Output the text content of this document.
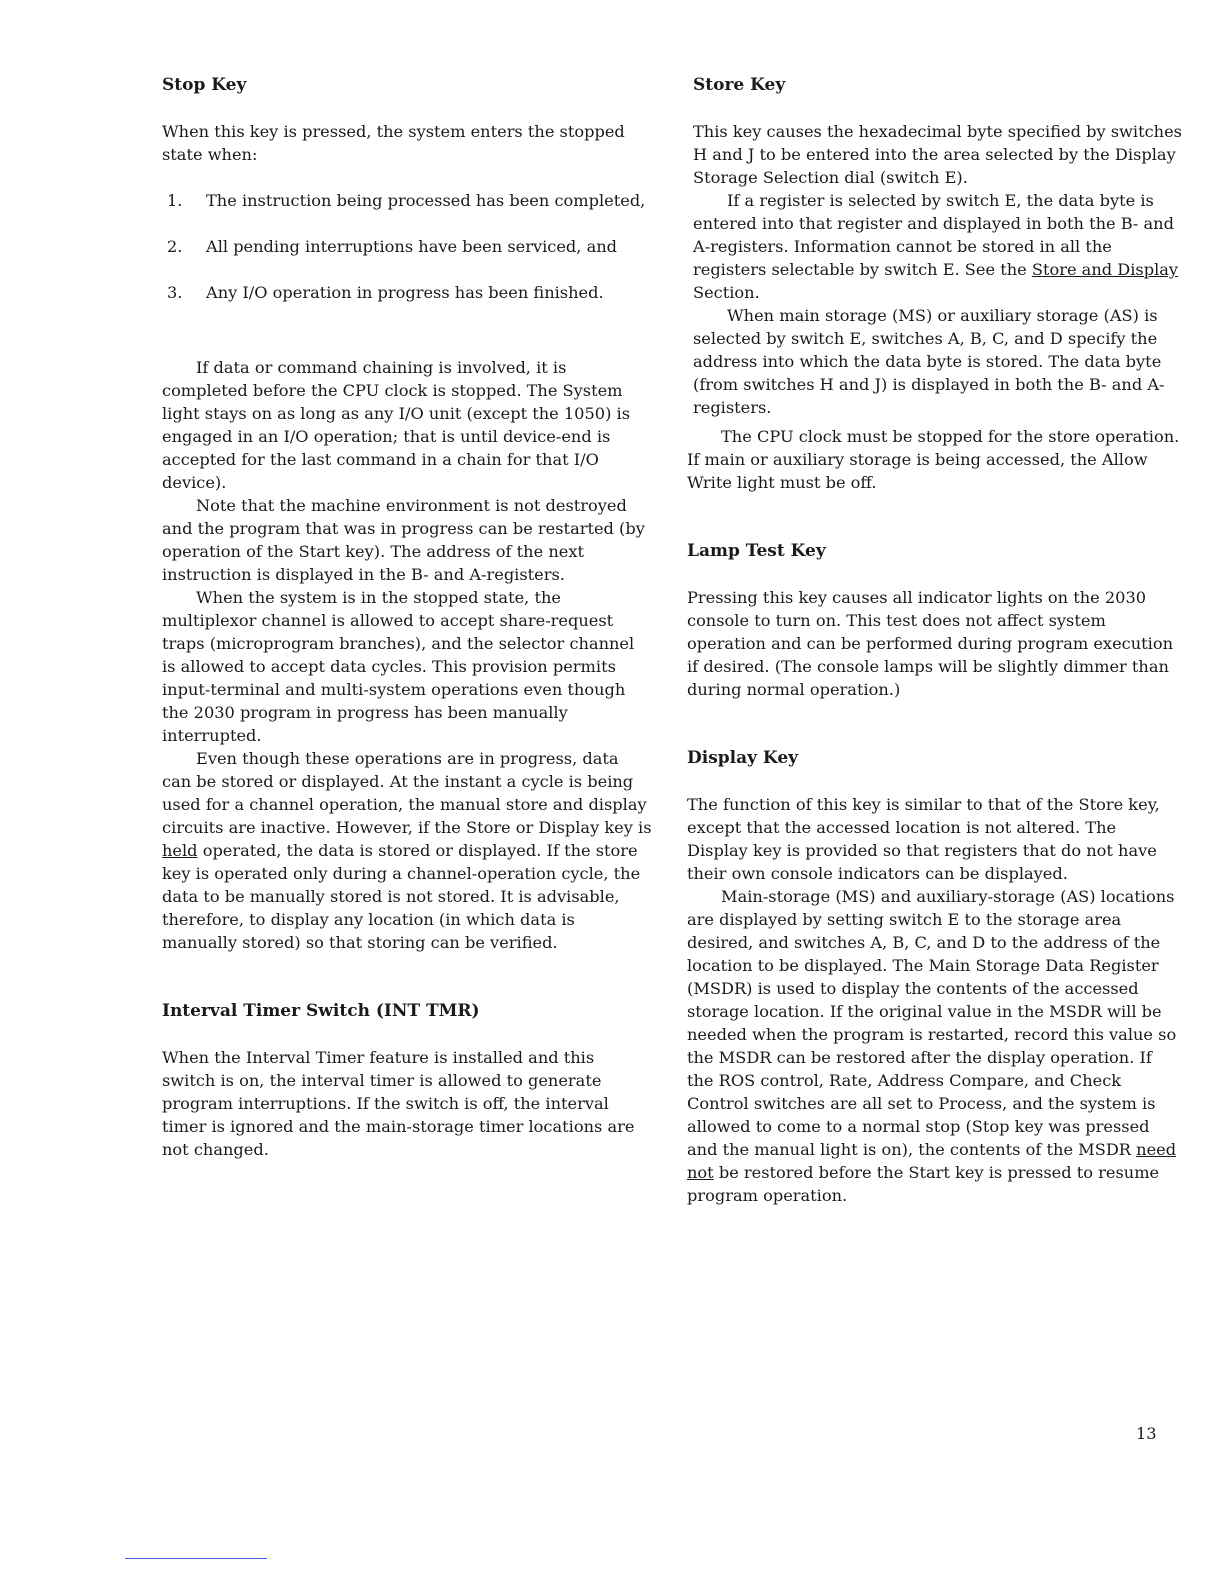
Stop Key

When this key is pressed, the system enters the stopped state when:

1. The instruction being processed has been completed,
2. All pending interruptions have been serviced, and
3. Any I/O operation in progress has been finished.

If data or command chaining is involved, it is completed before the CPU clock is stopped. The System light stays on as long as any I/O unit (except the 1050) is engaged in an I/O operation; that is until device-end is accepted for the last command in a chain for that I/O device).

Note that the machine environment is not destroyed and the program that was in progress can be restarted (by operation of the Start key). The address of the next instruction is displayed in the B- and A-registers.

When the system is in the stopped state, the multiplexor channel is allowed to accept share-request traps (microprogram branches), and the selector channel is allowed to accept data cycles. This provision permits input-terminal and multi-system operations even though the 2030 program in progress has been manually interrupted.

Even though these operations are in progress, data can be stored or displayed. At the instant a cycle is being used for a channel operation, the manual store and display circuits are inactive. However, if the Store or Display key is held operated, the data is stored or displayed. If the store key is operated only during a channel-operation cycle, the data to be manually stored is not stored. It is advisable, therefore, to display any location (in which data is manually stored) so that storing can be verified.

Interval Timer Switch (INT TMR)

When the Interval Timer feature is installed and this switch is on, the interval timer is allowed to generate program interruptions. If the switch is off, the interval timer is ignored and the main-storage timer locations are not changed.

Store Key

This key causes the hexadecimal byte specified by switches H and J to be entered into the area selected by the Display Storage Selection dial (switch E).

If a register is selected by switch E, the data byte is entered into that register and displayed in both the B- and A-registers. Information cannot be stored in all the registers selectable by switch E. See the Store and Display Section.

When main storage (MS) or auxiliary storage (AS) is selected by switch E, switches A, B, C, and D specify the address into which the data byte is stored. The data byte (from switches H and J) is displayed in both the B- and A-registers.

The CPU clock must be stopped for the store operation. If main or auxiliary storage is being accessed, the Allow Write light must be off.

Lamp Test Key

Pressing this key causes all indicator lights on the 2030 console to turn on. This test does not affect system operation and can be performed during program execution if desired. (The console lamps will be slightly dimmer than during normal operation.)

Display Key

The function of this key is similar to that of the Store key, except that the accessed location is not altered. The Display key is provided so that registers that do not have their own console indicators can be displayed.

Main-storage (MS) and auxiliary-storage (AS) locations are displayed by setting switch E to the storage area desired, and switches A, B, C, and D to the address of the location to be displayed. The Main Storage Data Register (MSDR) is used to display the contents of the accessed storage location. If the original value in the MSDR will be needed when the program is restarted, record this value so the MSDR can be restored after the display operation. If the ROS control, Rate, Address Compare, and Check Control switches are all set to Process, and the system is allowed to come to a normal stop (Stop key was pressed and the manual light is on), the contents of the MSDR need not be restored before the Start key is pressed to resume program operation.

13
